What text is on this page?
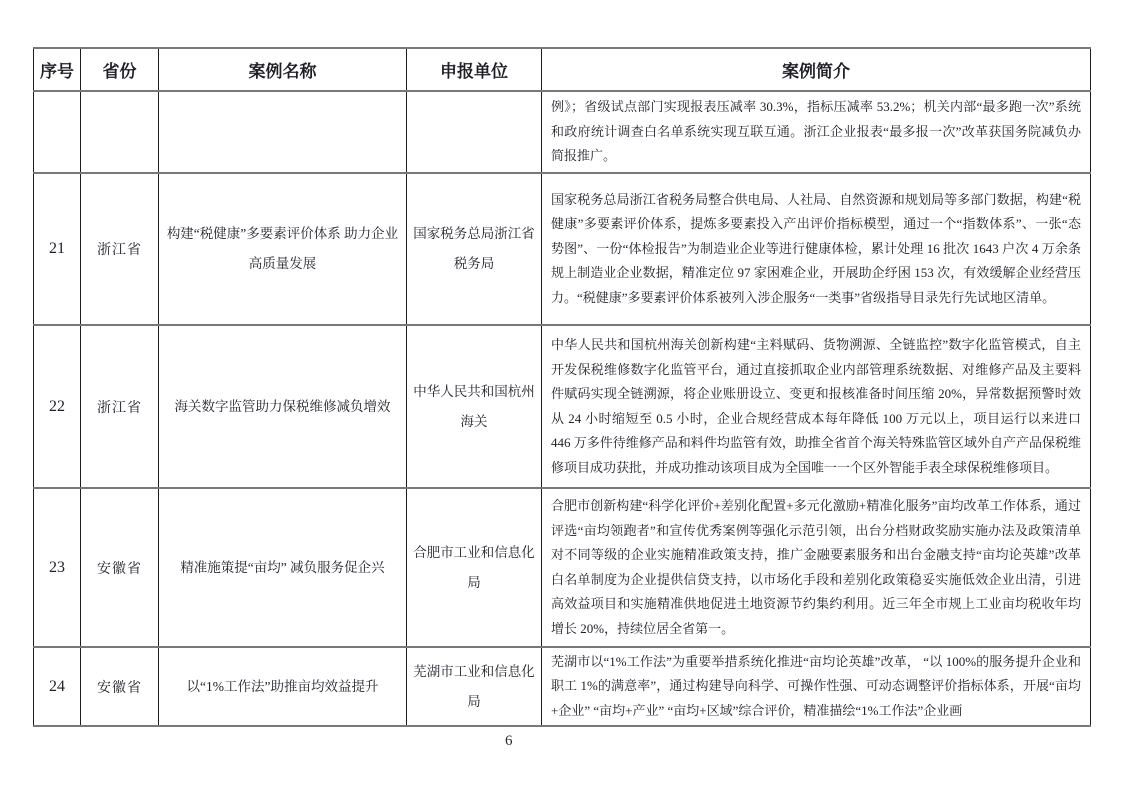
序号	省份	案例名称	申报单位	案例简介

				例》；省级试点部门实现报表压减率 30.3%，指标压减率 53.2%；机关内部“最多跑一次”系统和政府统计调查白名单系统实现互联互通。浙江企业报表“最多报一次”改革获国务院减负办简报推广。

21	浙江省	构建“税健康”多要素评价体系 助力企业高质量发展	国家税务总局浙江省税务局	国家税务总局浙江省税务局整合供电局、人社局、自然资源和规划局等多部门数据，构建“税健康”多要素评价体系，提炼多要素投入产出评价指标模型，通过一个“指数体系”、一张“态势图”、一份“体检报告”为制造业企业等进行健康体检，累计处理 16 批次 1643 户次 4 万余条规上制造业企业数据，精准定位 97 家困难企业，开展助企纾困 153 次，有效缓解企业经营压力。“税健康”多要素评价体系被列入涉企服务“一类事”省级指导目录先行先试地区清单。

22	浙江省	海关数字监管助力保税维修减负增效	中华人民共和国杭州海关	中华人民共和国杭州海关创新构建“主料赋码、货物溯源、全链监控”数字化监管模式，自主开发保税维修数字化监管平台，通过直接抓取企业内部管理系统数据、对维修产品及主要料件赋码实现全链溯源，将企业账册设立、变更和报核准备时间压缩 20%，异常数据预警时效从 24 小时缩短至 0.5 小时，企业合规经营成本每年降低 100 万元以上，项目运行以来进口 446 万多件待维修产品和料件均监管有效，助推全省首个海关特殊监管区域外自产产品保税维修项目成功获批，并成功推动该项目成为全国唯一一个区外智能手表全球保税维修项目。

23	安徽省	精准施策提“亩均” 减负服务促企兴	合肥市工业和信息化局	合肥市创新构建“科学化评价+差别化配置+多元化激励+精准化服务”亩均改革工作体系，通过评选“亩均领跑者”和宣传优秀案例等强化示范引领，出台分档财政奖励实施办法及政策清单对不同等级的企业实施精准政策支持，推广金融要素服务和出台金融支持“亩均论英雄”改革白名单制度为企业提供信贷支持，以市场化手段和差别化政策稳妥实施低效企业出清，引进高效益项目和实施精准供地促进土地资源节约集约利用。近三年全市规上工业亩均税收年均增长 20%，持续位居全省第一。

24	安徽省	以“1%工作法”助推亩均效益提升	芜湖市工业和信息化局	芜湖市以“1%工作法”为重要举措系统化推进“亩均论英雄”改革， “以 100%的服务提升企业和职工 1%的满意率”，通过构建导向科学、可操作性强、可动态调整评价指标体系，开展“亩均+企业” “亩均+产业” “亩均+区域”综合评价，精准描绘“1%工作法”企业画

6
